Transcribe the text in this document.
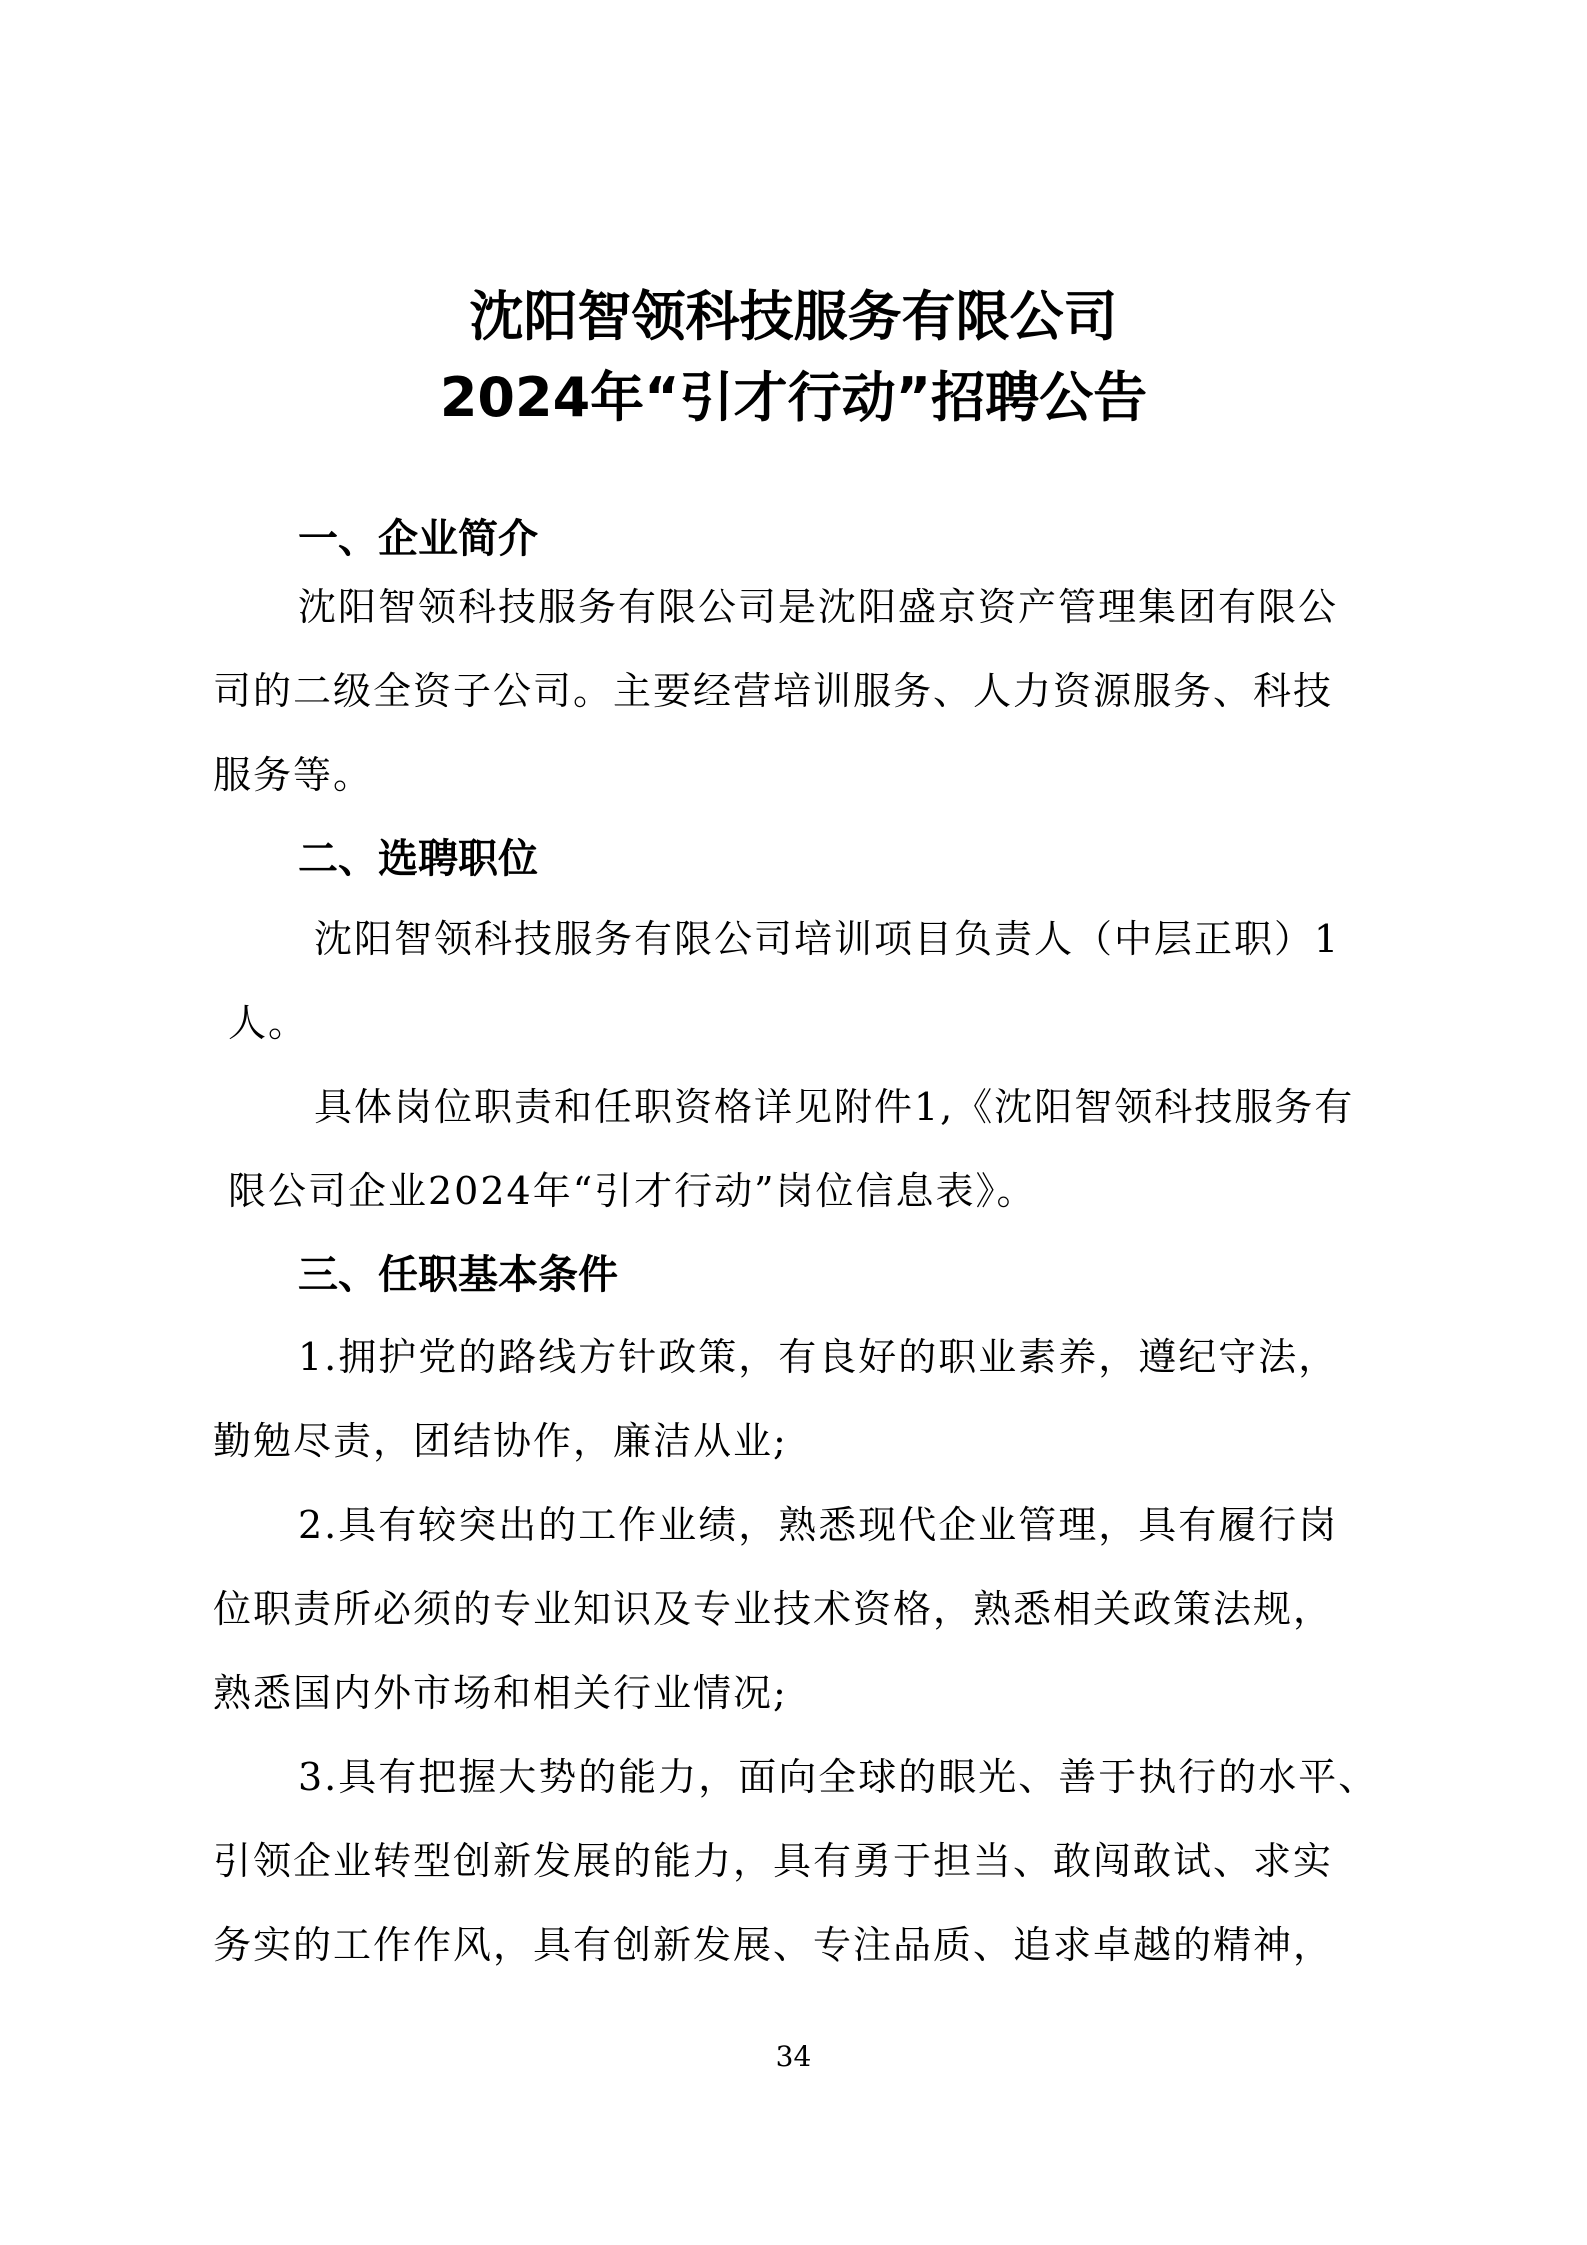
沈阳智领科技服务有限公司
2024年“引才行动”招聘公告
一、企业简介
沈阳智领科技服务有限公司是沈阳盛京资产管理集团有限公
司的二级全资子公司。主要经营培训服务、人力资源服务、科技
服务等。
二、选聘职位
沈阳智领科技服务有限公司培训项目负责人（中层正职）1
人。
具体岗位职责和任职资格详见附件1,《沈阳智领科技服务有
限公司企业2024年“引才行动”岗位信息表》。
三、任职基本条件
1.拥护党的路线方针政策，有良好的职业素养，遵纪守法，
勤勉尽责，团结协作，廉洁从业;
2.具有较突出的工作业绩，熟悉现代企业管理，具有履行岗
位职责所必须的专业知识及专业技术资格，熟悉相关政策法规，
熟悉国内外市场和相关行业情况;
3.具有把握大势的能力，面向全球的眼光、善于执行的水平、
引领企业转型创新发展的能力，具有勇于担当、敢闯敢试、求实
务实的工作作风，具有创新发展、专注品质、追求卓越的精神，
34
